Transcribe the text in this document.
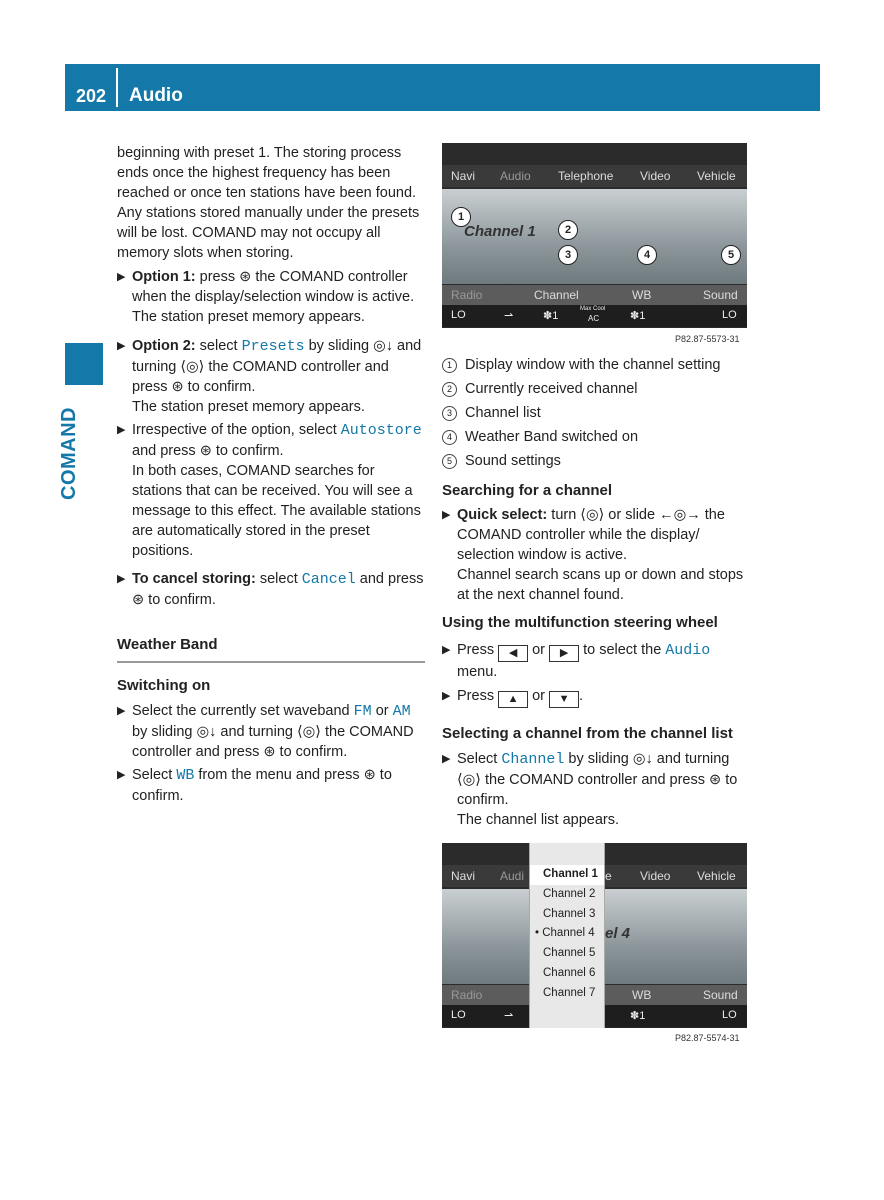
202 Audio
COMAND

beginning with preset 1. The storing process ends once the highest frequency has been reached or once ten stations have been found. Any stations stored manually under the presets will be lost. COMAND may not occupy all memory slots when storing.

▶ Option 1: press ⊛ the COMAND controller when the display/selection window is active.

The station preset memory appears.

▶ Option 2: select Presets by sliding ◎↓ and turning ⟨◎⟩ the COMAND controller and press ⊛ to confirm.

The station preset memory appears.

▶ Irrespective of the option, select Autostore and press ⊛ to confirm.

In both cases, COMAND searches for stations that can be received. You will see a message to this effect. The available stations are automatically stored in the preset positions.

▶ To cancel storing: select Cancel and press ⊛ to confirm.
Weather Band
Switching on
▶ Select the currently set waveband FM or AM by sliding ◎↓ and turning ⟨◎⟩ the COMAND controller and press ⊛ to confirm.
▶ Select WB from the menu and press ⊛ to confirm.
Navi Audio Telephone Video Vehicle
Channel 1
Radio	Channel	WB	Sound
LO	⇀	✽1
Max Cool
AC	✽1	LO
1
2
3	4	5
P82.87-5573-31
1 Display window with the channel setting
2 Currently received channel
3 Channel list
4 Weather Band switched on
5 Sound settings
Searching for a channel
▶ Quick select: turn ⟨◎⟩ or slide ←◎→ the COMAND controller while the display/ selection window is active.

Channel search scans up or down and stops at the next channel found.

Using the multifunction steering wheel
▶ Press ◀ or ▶ to select the Audio

menu.

▶ Press ▲ or ▼ .
Selecting a channel from the channel list
▶ Select Channel by sliding ◎↓ and turning ⟨◎⟩ the COMAND controller and press ⊛ to confirm.

The channel list appears.

Navi Audi	e Video Vehicle
el 4
Radio	WB	Sound
LO	⇀	✽1	LO
Channel 1
Channel 2
Channel 3
• Channel 4
Channel 5
Channel 6
Channel 7
P82.87-5574-31
